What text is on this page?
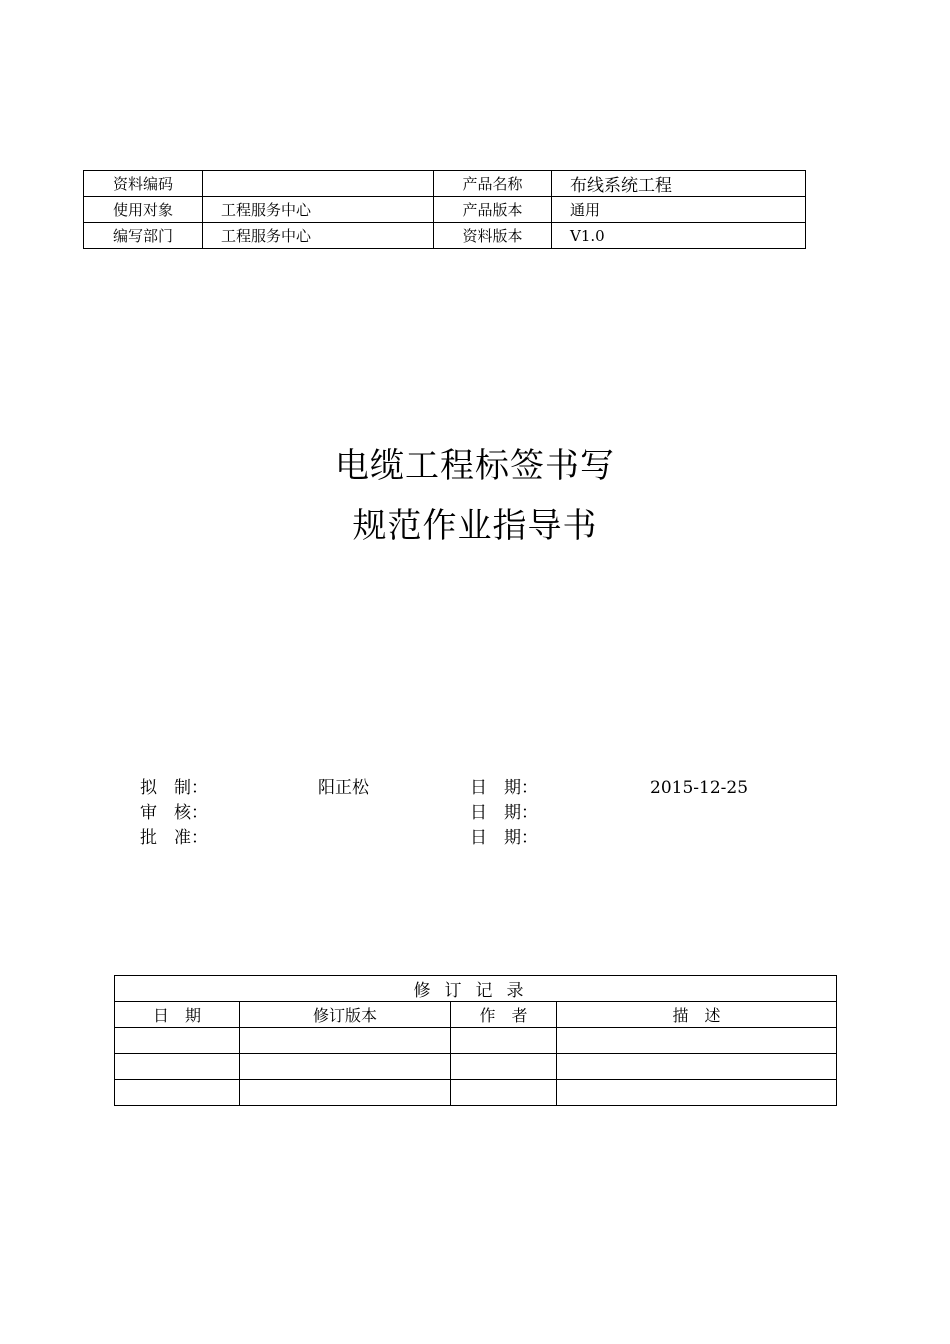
资料编码		产品名称	布线系统工程
使用对象	工程服务中心	产品版本	通用
编写部门	工程服务中心	资料版本	V1.0
电缆工程标签书写
规范作业指导书
拟　制：	阳正松	日　期：	2015-12-25
审　核：	日　期：
批　准：	日　期：
修订记录			
日　期	修订版本	作　者	描　述
